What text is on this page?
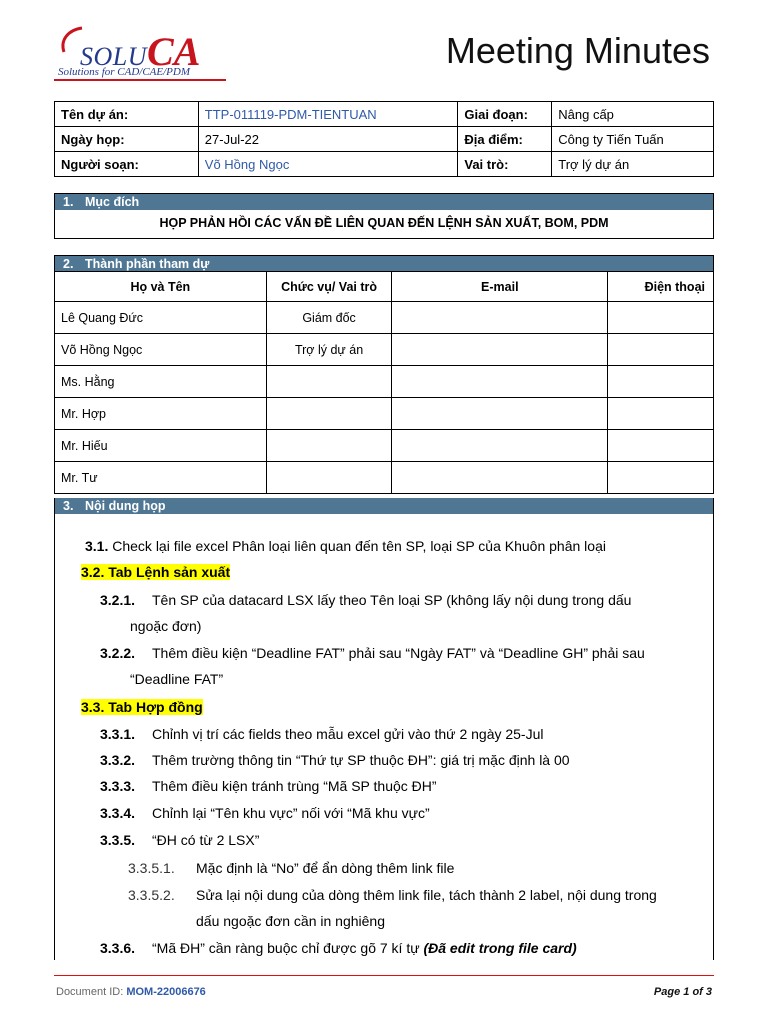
SOLUCA
Solutions for CAD/CAE/PDM
Meeting Minutes
Tên dự án:	TTP-011119-PDM-TIENTUAN	Giai đoạn:	Nâng cấp
Ngày họp:	27-Jul-22	Địa điểm:	Công ty Tiến Tuấn
Người soạn:	Võ Hồng Ngọc	Vai trò:	Trợ lý dự án
1. Mục đích
HỌP PHẢN HỒI CÁC VẤN ĐỀ LIÊN QUAN ĐẾN LỆNH SẢN XUẤT, BOM, PDM
2. Thành phần tham dự
Họ và Tên	Chức vụ/ Vai trò	E-mail	Điện thoại
Lê Quang Đức	Giám đốc		
Võ Hồng Ngọc	Trợ lý dự án		
Ms. Hằng			
Mr. Hợp			
Mr. Hiếu			
Mr. Tư			
3. Nội dung họp
3.1. Check lại file excel Phân loại liên quan đến tên SP, loại SP của Khuôn phân loại
3.2. Tab Lệnh sản xuất
3.2.1. Tên SP của datacard LSX lấy theo Tên loại SP (không lấy nội dung trong dấu
ngoặc đơn)
3.2.2. Thêm điều kiện “Deadline FAT” phải sau “Ngày FAT” và “Deadline GH” phải sau
“Deadline FAT”
3.3. Tab Hợp đồng
3.3.1. Chỉnh vị trí các fields theo mẫu excel gửi vào thứ 2 ngày 25-Jul
3.3.2. Thêm trường thông tin “Thứ tự SP thuộc ĐH”: giá trị mặc định là 00
3.3.3. Thêm điều kiện tránh trùng “Mã SP thuộc ĐH”
3.3.4. Chỉnh lại “Tên khu vực” nối với “Mã khu vực”
3.3.5. “ĐH có từ 2 LSX”
3.3.5.1. Mặc định là “No” để ẩn dòng thêm link file
3.3.5.2. Sửa lại nội dung của dòng thêm link file, tách thành 2 label, nội dung trong
dấu ngoặc đơn cần in nghiêng
3.3.6. “Mã ĐH” cần ràng buộc chỉ được gõ 7 kí tự (Đã edit trong file card)
Document ID: MOM-22006676	Page 1 of 3
